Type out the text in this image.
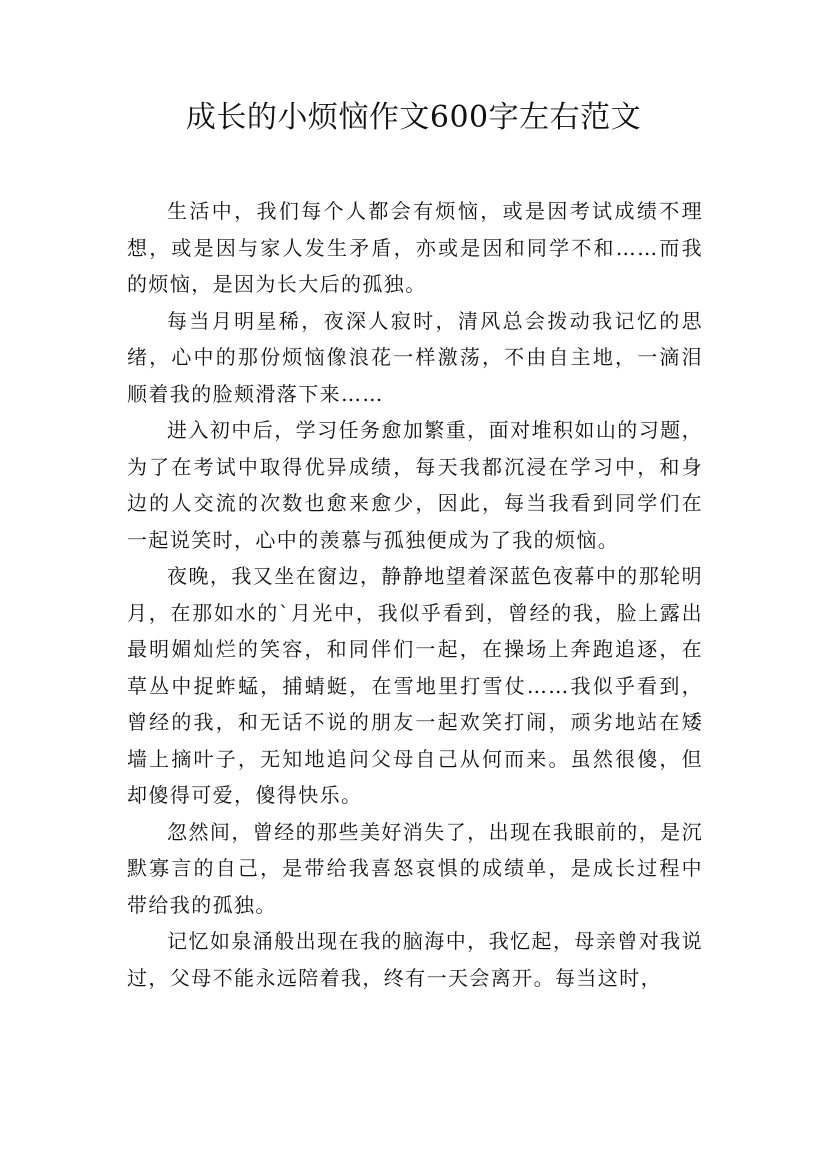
成长的小烦恼作文600字左右范文

生活中，我们每个人都会有烦恼，或是因考试成绩不理想，或是因与家人发生矛盾，亦或是因和同学不和……而我的烦恼，是因为长大后的孤独。

每当月明星稀，夜深人寂时，清风总会拨动我记忆的思绪，心中的那份烦恼像浪花一样激荡，不由自主地，一滴泪顺着我的脸颊滑落下来……

进入初中后，学习任务愈加繁重，面对堆积如山的习题，为了在考试中取得优异成绩，每天我都沉浸在学习中，和身边的人交流的次数也愈来愈少，因此，每当我看到同学们在一起说笑时，心中的羡慕与孤独便成为了我的烦恼。

夜晚，我又坐在窗边，静静地望着深蓝色夜幕中的那轮明月，在那如水的`月光中，我似乎看到，曾经的我，脸上露出最明媚灿烂的笑容，和同伴们一起，在操场上奔跑追逐，在草丛中捉蚱蜢，捕蜻蜓，在雪地里打雪仗……我似乎看到，曾经的我，和无话不说的朋友一起欢笑打闹，顽劣地站在矮墙上摘叶子，无知地追问父母自己从何而来。虽然很傻，但却傻得可爱，傻得快乐。

忽然间，曾经的那些美好消失了，出现在我眼前的，是沉默寡言的自己，是带给我喜怒哀惧的成绩单，是成长过程中带给我的孤独。

记忆如泉涌般出现在我的脑海中，我忆起，母亲曾对我说过，父母不能永远陪着我，终有一天会离开。每当这时，
